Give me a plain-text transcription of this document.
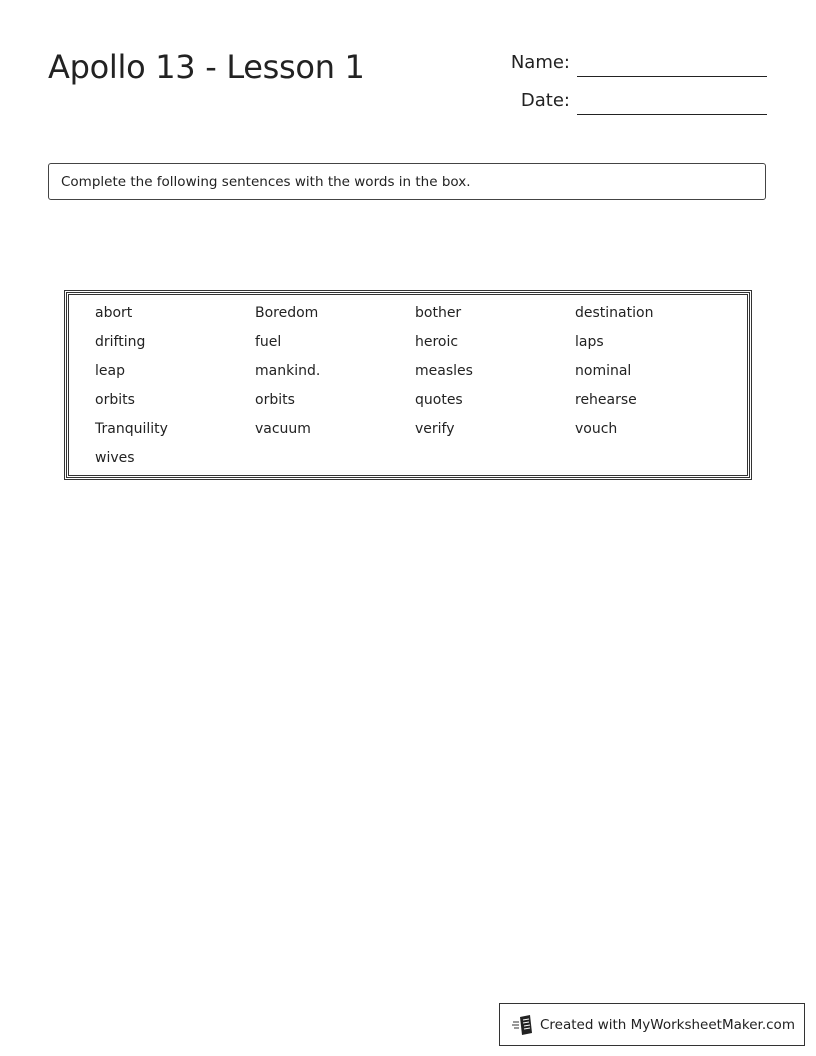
Apollo 13 - Lesson 1	Name:
Date:
Complete the following sentences with the words in the box.
abort	Boredom	bother	destination
drifting	fuel	heroic	laps
leap	mankind.	measles	nominal
orbits	orbits	quotes	rehearse
Tranquility	vacuum	verify	vouch
wives
Created with MyWorksheetMaker.com
